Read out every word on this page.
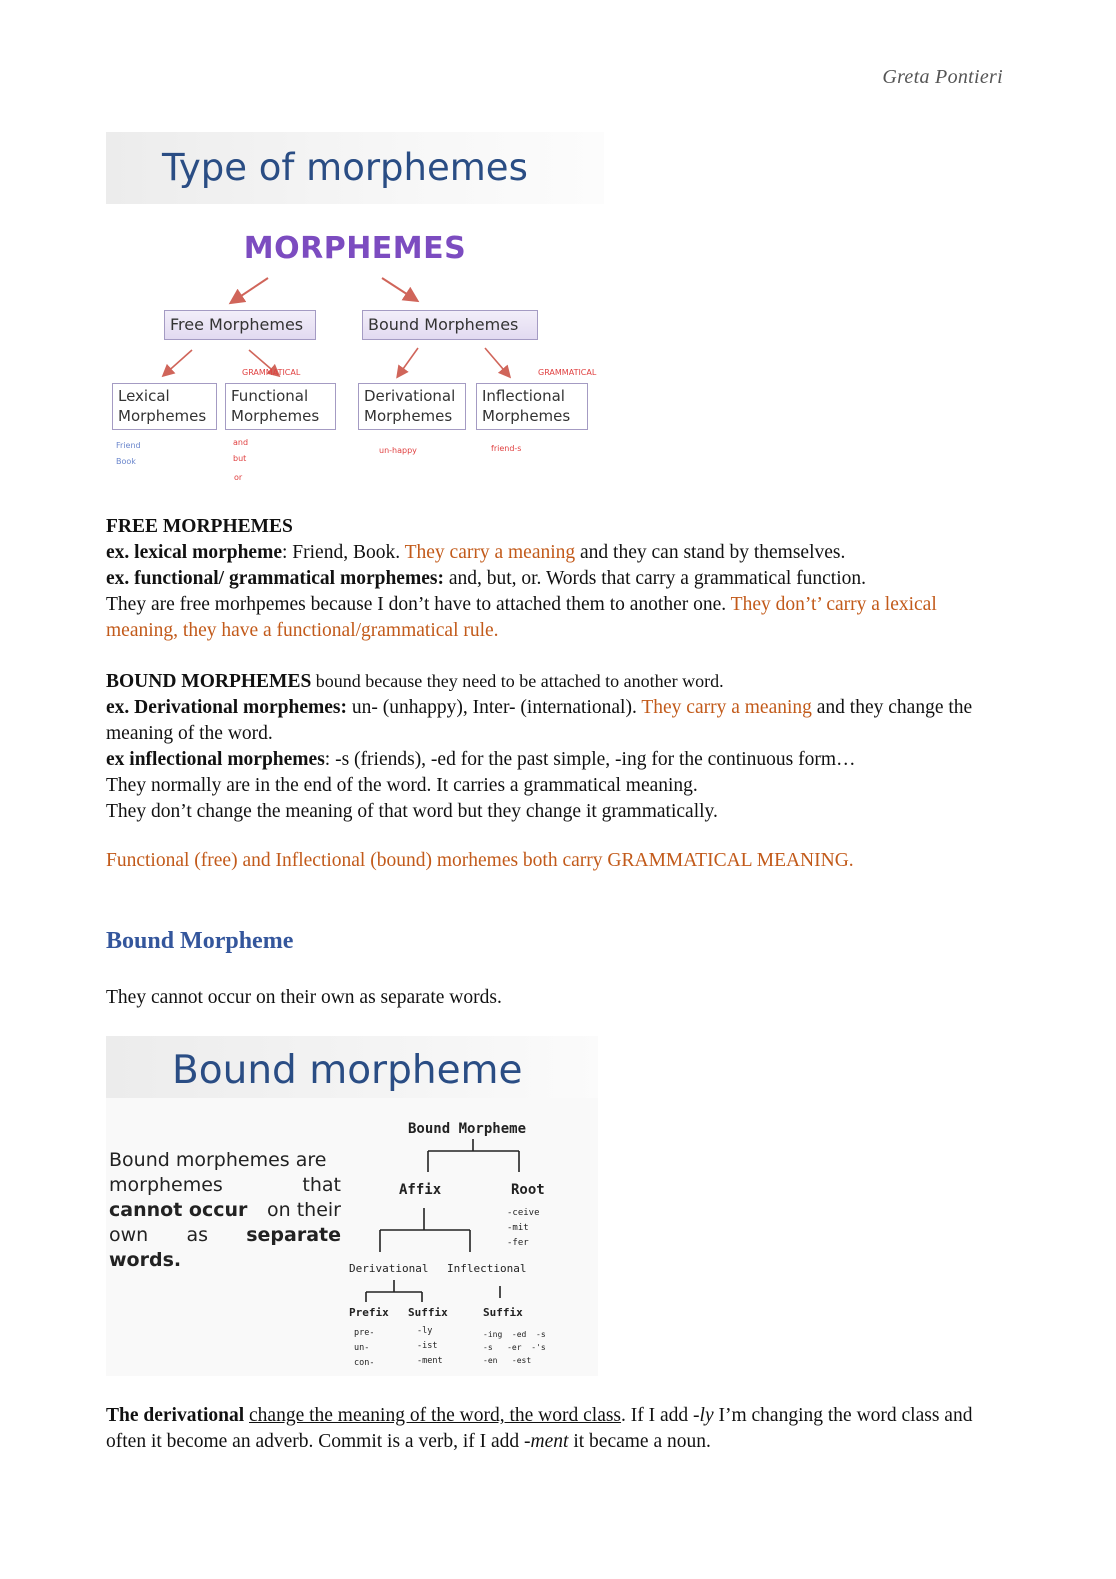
Greta Pontieri
Type of morphemes
MORPHEMES
Free Morphemes	Bound Morphemes
Lexical
Morphemes
Functional
Morphemes
Derivational
Morphemes
Inflectional
Morphemes
GRAMMATICAL	GRAMMATICAL
Friend
Book
and
but
or
un-happy	friend-s

FREE MORPHEMES

ex. lexical morpheme: Friend, Book. They carry a meaning and they can stand by themselves.

ex. functional/ grammatical morphemes: and, but, or. Words that carry a grammatical function.

They are free morhpemes because I don’t have to attached them to another one. They don’t’ carry a lexical meaning, they have a functional/grammatical rule.

BOUND MORPHEMES bound because they need to be attached to another word.

ex. Derivational morphemes: un- (unhappy), Inter- (international). They carry a meaning and they change the meaning of the word.

ex inflectional morphemes: -s (friends), -ed for the past simple, -ing for the continuous form…

They normally are in the end of the word. It carries a grammatical meaning.

They don’t change the meaning of that word but they change it grammatically.

Functional (free) and Inflectional (bound) morhemes both carry GRAMMATICAL MEANING.
Bound Morpheme
They cannot occur on their own as separate words.
Bound morpheme
Bound morphemes are
morphemes	that
cannot occur on their
own as separate
words.
Bound Morpheme
Affix	Root
-ceive
-mit
-fer
Derivational Inflectional
Prefix Suffix	Suffix
pre-
un-
con-
-ly
-ist
-ment
-ing -ed -s
-s -er -'s
-en -est
The derivational change the meaning of the word, the word class. If I add -ly I’m changing the word class and often it become an adverb. Commit is a verb, if I add -ment it became a noun.
